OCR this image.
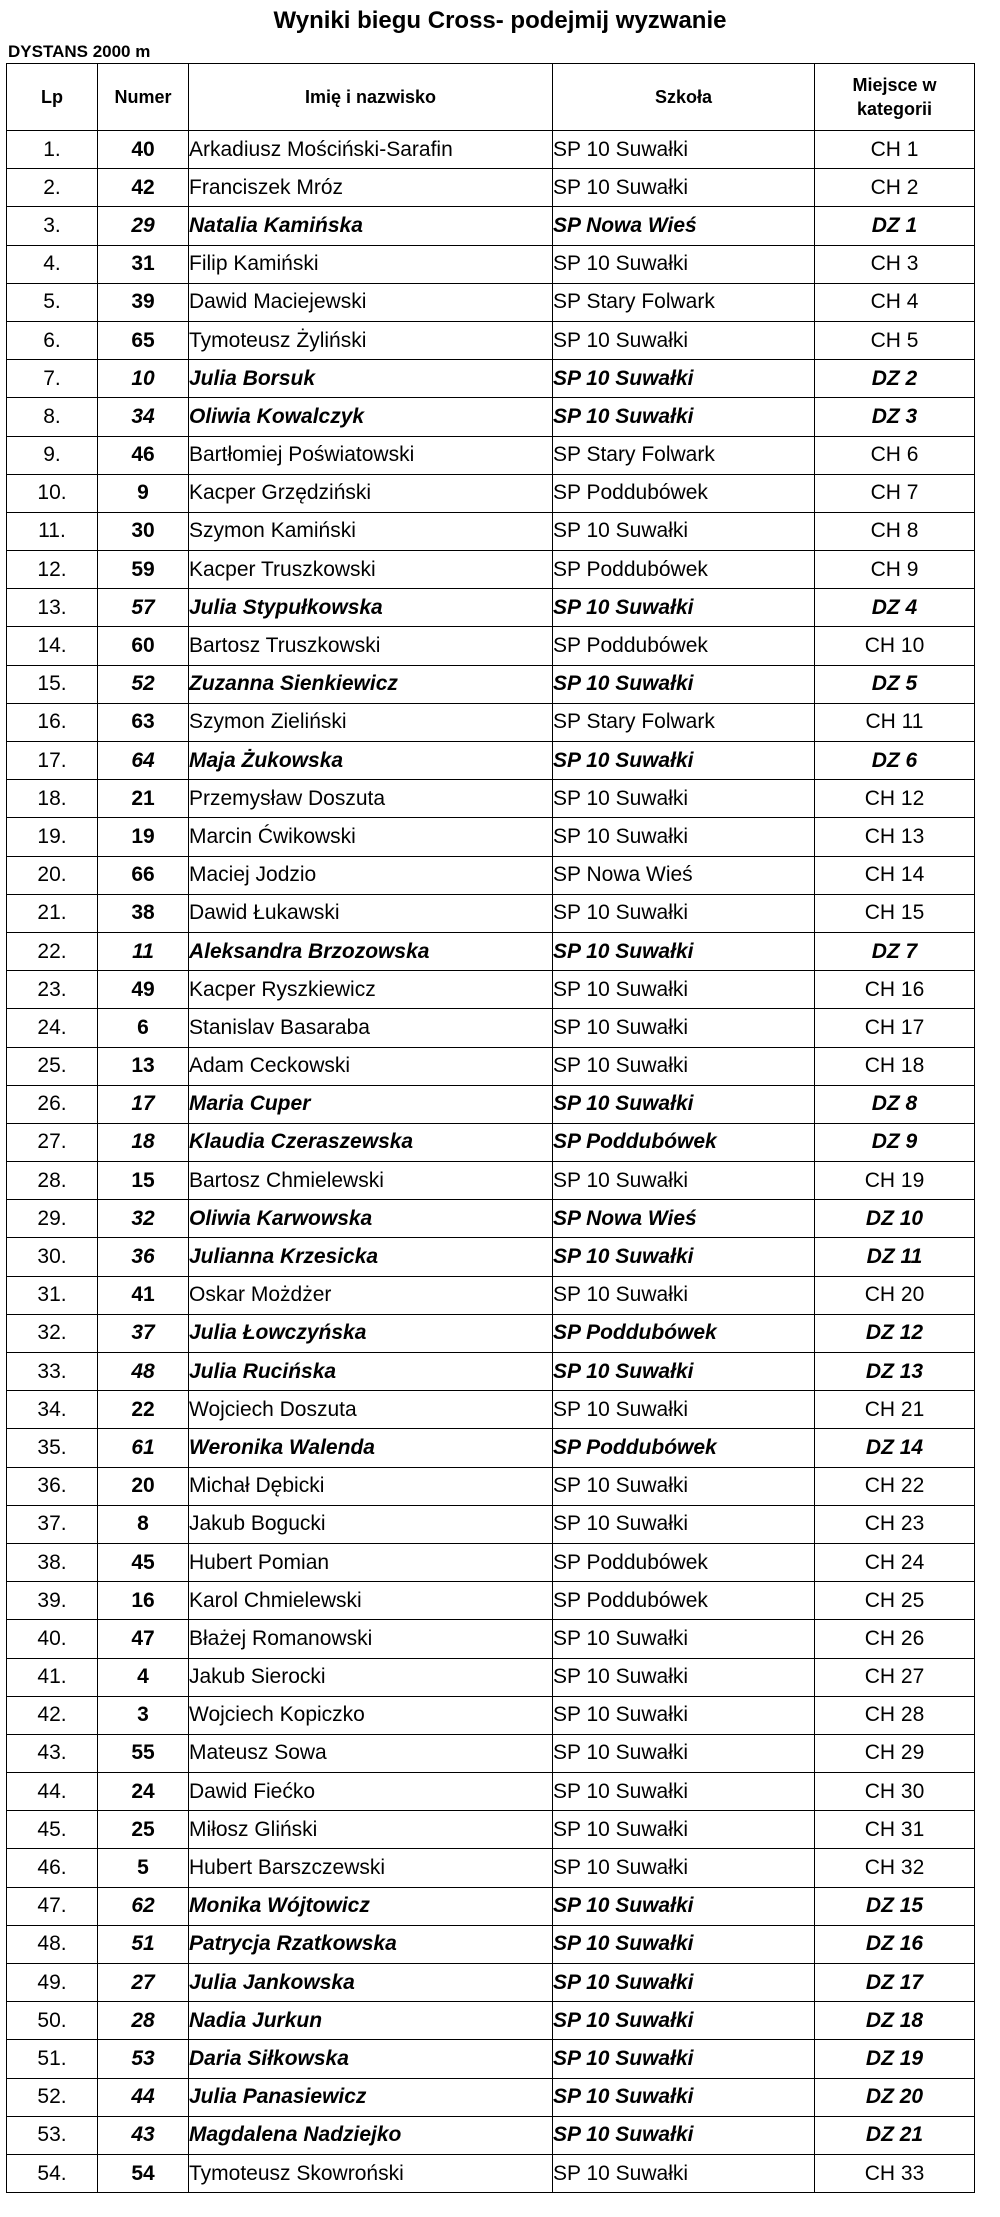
Wyniki biegu Cross- podejmij wyzwanie
DYSTANS 2000 m
Lp	Numer	Imię i nazwisko	Szkoła	Miejsce w kategorii

1.	40	Arkadiusz Mościński-Sarafin	SP 10 Suwałki	CH 1
2.	42	Franciszek Mróz	SP 10 Suwałki	CH 2
3.	29	Natalia Kamińska	SP Nowa Wieś	DZ 1
4.	31	Filip Kamiński	SP 10 Suwałki	CH 3
5.	39	Dawid Maciejewski	SP Stary Folwark	CH 4
6.	65	Tymoteusz Żyliński	SP 10 Suwałki	CH 5
7.	10	Julia Borsuk	SP 10 Suwałki	DZ 2
8.	34	Oliwia Kowalczyk	SP 10 Suwałki	DZ 3
9.	46	Bartłomiej Poświatowski	SP Stary Folwark	CH 6
10.	9	Kacper Grzędziński	SP Poddubówek	CH 7
11.	30	Szymon Kamiński	SP 10 Suwałki	CH 8
12.	59	Kacper Truszkowski	SP Poddubówek	CH 9
13.	57	Julia Stypułkowska	SP 10 Suwałki	DZ 4
14.	60	Bartosz Truszkowski	SP Poddubówek	CH 10
15.	52	Zuzanna Sienkiewicz	SP 10 Suwałki	DZ 5
16.	63	Szymon Zieliński	SP Stary Folwark	CH 11
17.	64	Maja Żukowska	SP 10 Suwałki	DZ 6
18.	21	Przemysław Doszuta	SP 10 Suwałki	CH 12
19.	19	Marcin Ćwikowski	SP 10 Suwałki	CH 13
20.	66	Maciej Jodzio	SP Nowa Wieś	CH 14
21.	38	Dawid Łukawski	SP 10 Suwałki	CH 15
22.	11	Aleksandra Brzozowska	SP 10 Suwałki	DZ 7
23.	49	Kacper Ryszkiewicz	SP 10 Suwałki	CH 16
24.	6	Stanislav Basaraba	SP 10 Suwałki	CH 17
25.	13	Adam Ceckowski	SP 10 Suwałki	CH 18
26.	17	Maria Cuper	SP 10 Suwałki	DZ 8
27.	18	Klaudia Czeraszewska	SP Poddubówek	DZ 9
28.	15	Bartosz Chmielewski	SP 10 Suwałki	CH 19
29.	32	Oliwia Karwowska	SP Nowa Wieś	DZ 10
30.	36	Julianna Krzesicka	SP 10 Suwałki	DZ 11
31.	41	Oskar Możdżer	SP 10 Suwałki	CH 20
32.	37	Julia Łowczyńska	SP Poddubówek	DZ 12
33.	48	Julia Rucińska	SP 10 Suwałki	DZ 13
34.	22	Wojciech Doszuta	SP 10 Suwałki	CH 21
35.	61	Weronika Walenda	SP Poddubówek	DZ 14
36.	20	Michał Dębicki	SP 10 Suwałki	CH 22
37.	8	Jakub Bogucki	SP 10 Suwałki	CH 23
38.	45	Hubert Pomian	SP Poddubówek	CH 24
39.	16	Karol Chmielewski	SP Poddubówek	CH 25
40.	47	Błażej Romanowski	SP 10 Suwałki	CH 26
41.	4	Jakub Sierocki	SP 10 Suwałki	CH 27
42.	3	Wojciech Kopiczko	SP 10 Suwałki	CH 28
43.	55	Mateusz Sowa	SP 10 Suwałki	CH 29
44.	24	Dawid Fiećko	SP 10 Suwałki	CH 30
45.	25	Miłosz Gliński	SP 10 Suwałki	CH 31
46.	5	Hubert Barszczewski	SP 10 Suwałki	CH 32
47.	62	Monika Wójtowicz	SP 10 Suwałki	DZ 15
48.	51	Patrycja Rzatkowska	SP 10 Suwałki	DZ 16
49.	27	Julia Jankowska	SP 10 Suwałki	DZ 17
50.	28	Nadia Jurkun	SP 10 Suwałki	DZ 18
51.	53	Daria Siłkowska	SP 10 Suwałki	DZ 19
52.	44	Julia Panasiewicz	SP 10 Suwałki	DZ 20
53.	43	Magdalena Nadziejko	SP 10 Suwałki	DZ 21
54.	54	Tymoteusz Skowroński	SP 10 Suwałki	CH 33
